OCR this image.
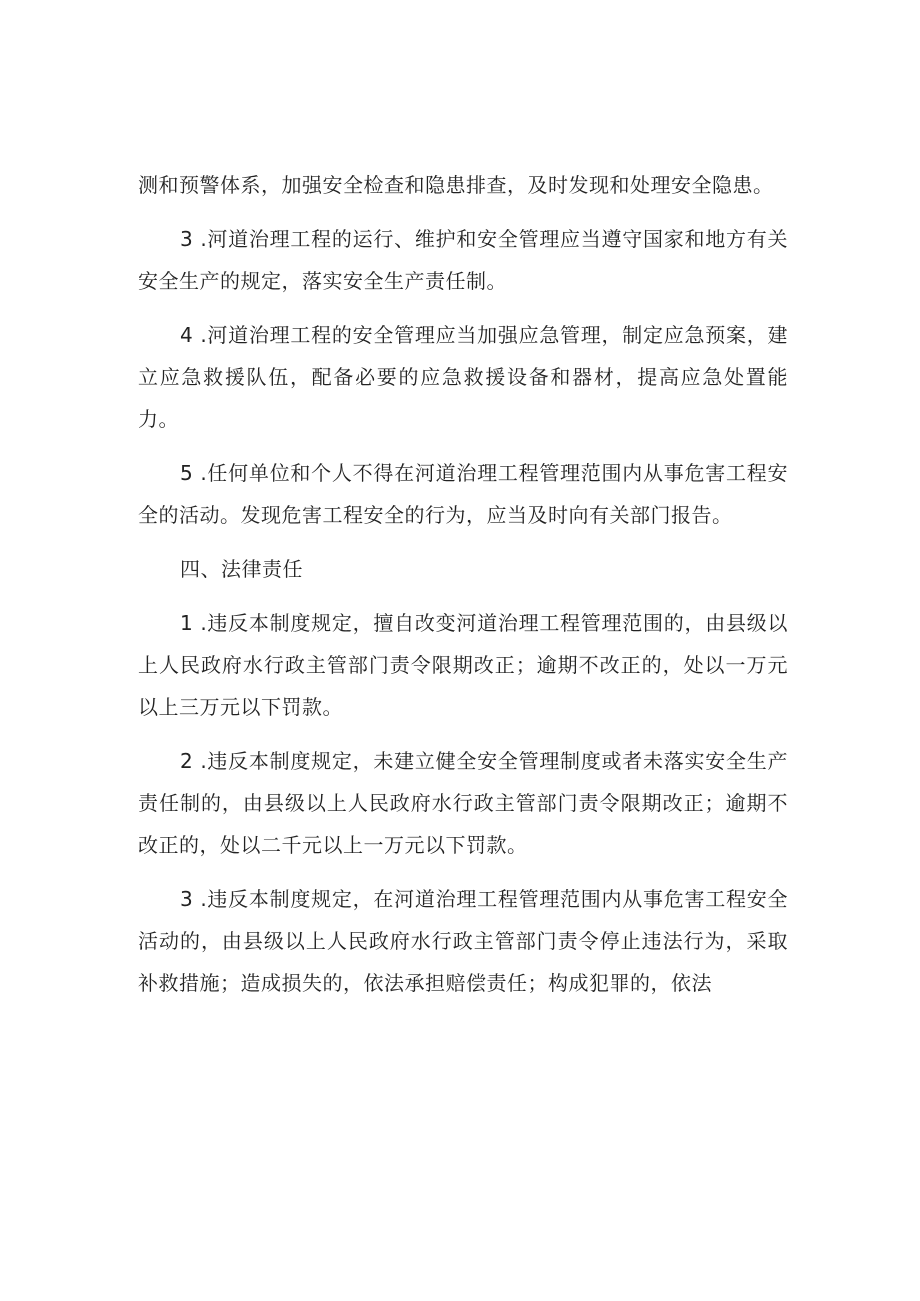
测和预警体系，加强安全检查和隐患排查，及时发现和处理安全隐患。

3 .河道治理工程的运行、维护和安全管理应当遵守国家和地方有关安全生产的规定，落实安全生产责任制。

4 .河道治理工程的安全管理应当加强应急管理，制定应急预案，建立应急救援队伍，配备必要的应急救援设备和器材，提高应急处置能力。

5 .任何单位和个人不得在河道治理工程管理范围内从事危害工程安全的活动。发现危害工程安全的行为，应当及时向有关部门报告。

四、法律责任

1 .违反本制度规定，擅自改变河道治理工程管理范围的，由县级以上人民政府水行政主管部门责令限期改正；逾期不改正的，处以一万元以上三万元以下罚款。

2 .违反本制度规定，未建立健全安全管理制度或者未落实安全生产责任制的，由县级以上人民政府水行政主管部门责令限期改正；逾期不改正的，处以二千元以上一万元以下罚款。

3 .违反本制度规定，在河道治理工程管理范围内从事危害工程安全活动的，由县级以上人民政府水行政主管部门责令停止违法行为，采取补救措施；造成损失的，依法承担赔偿责任；构成犯罪的，依法
